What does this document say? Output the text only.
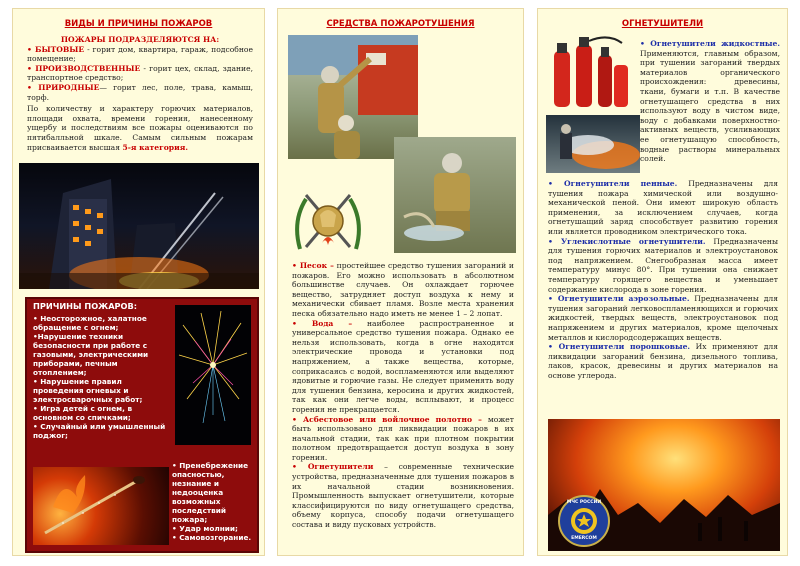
ВИДЫ И ПРИЧИНЫ ПОЖАРОВ
ПОЖАРЫ ПОДРАЗДЕЛЯЮТСЯ НА:
• БЫТОВЫЕ - горит дом, квартира, гараж, подсобное помещение;
• ПРОИЗВОДСТВЕННЫЕ - горит цех, склад, здание, транспортное средство;
• ПРИРОДНЫЕ— горит лес, поле, трава, камыш, торф.
По количеству и характеру горючих материалов, площади охвата, времени горения, нанесенному ущербу и последствиям все пожары оцениваются по пятибалльной шкале. Самым сильным пожарам присваивается высшая 5-я категория.
ПРИЧИНЫ ПОЖАРОВ:
• Неосторожное, халатное обращение с огнем;
•Нарушение техники безопасности при работе с газовыми, электрическими приборами, печным отоплением;
• Нарушение правил проведения огневых и электросварочных работ;
• Игра детей с огнем, в основном со спичками;
• Случайный или умышленный поджог;
• Пренебрежение опасностью, незнание и недооценка возможных последствий пожара;
• Удар молнии;
• Самовозгорание.
СРЕДСТВА ПОЖАРОТУШЕНИЯ
• Песок – простейшее средство тушения загораний и пожаров. Его можно использовать в абсолютном большинстве случаев. Он охлаждает горючее вещество, затрудняет доступ воздуха к нему и механически сбивает пламя. Возле места хранения песка обязательно надо иметь не менее 1 – 2 лопат.
• Вода – наиболее распространенное и универсальное средство тушения пожара. Однако ее нельзя использовать, когда в огне находятся электрические провода и установки под напряжением, а также вещества, которые, соприкасаясь с водой, воспламеняются или выделяют ядовитые и горючие газы. Не следует применять воду для тушения бензина, керосина и других жидкостей, так как они легче воды, всплывают, и процесс горения не прекращается.
• Асбестовое или войлочное полотно – может быть использовано для ликвидации пожаров в их начальной стадии, так как при плотном покрытии полотном предотвращается доступ воздуха в зону горения.
• Огнетушители – современные технические устройства, предназначенные для тушения пожаров в их начальной стадии возникновения. Промышленность выпускает огнетушители, которые классифицируются по виду огнетушащего средства, объему корпуса, способу подачи огнетушащего состава и виду пусковых устройств.
ОГНЕТУШИТЕЛИ
• Огнетушители жидкостные. Применяются, главным образом, при тушении загораний твердых материалов органического происхождения: древесины, ткани, бумаги и т.п. В качестве огнетушащего средства в них используют воду в чистом виде, воду с добавками поверхностно-активных веществ, усиливающих ее огнетушащую способность, водные растворы минеральных солей.
• Огнетушители пенные. Предназначены для тушения пожара химической или воздушно-механической пеной. Они имеют широкую область применения, за исключением случаев, когда огнетушащий заряд способствует развитию горения или является проводником электрического тока.
• Углекислотные огнетушители. Предназначены для тушения горючих материалов и электроустановок под напряжением. Снегообразная масса имеет температуру минус 80°. При тушении она снижает температуру горящего вещества и уменьшает содержание кислорода в зоне горения.
• Огнетушители аэрозольные. Предназначены для тушения загораний легковоспламеняющихся и горючих жидкостей, твердых веществ, электроустановок под напряжением и других материалов, кроме щелочных металлов и кислородсодержащих веществ.
• Огнетушители порошковые. Их применяют для ликвидации загораний бензина, дизельного топлива, лаков, красок, древесины и других материалов на основе углерода.
МЧС РОССИИ
EMERCOM
